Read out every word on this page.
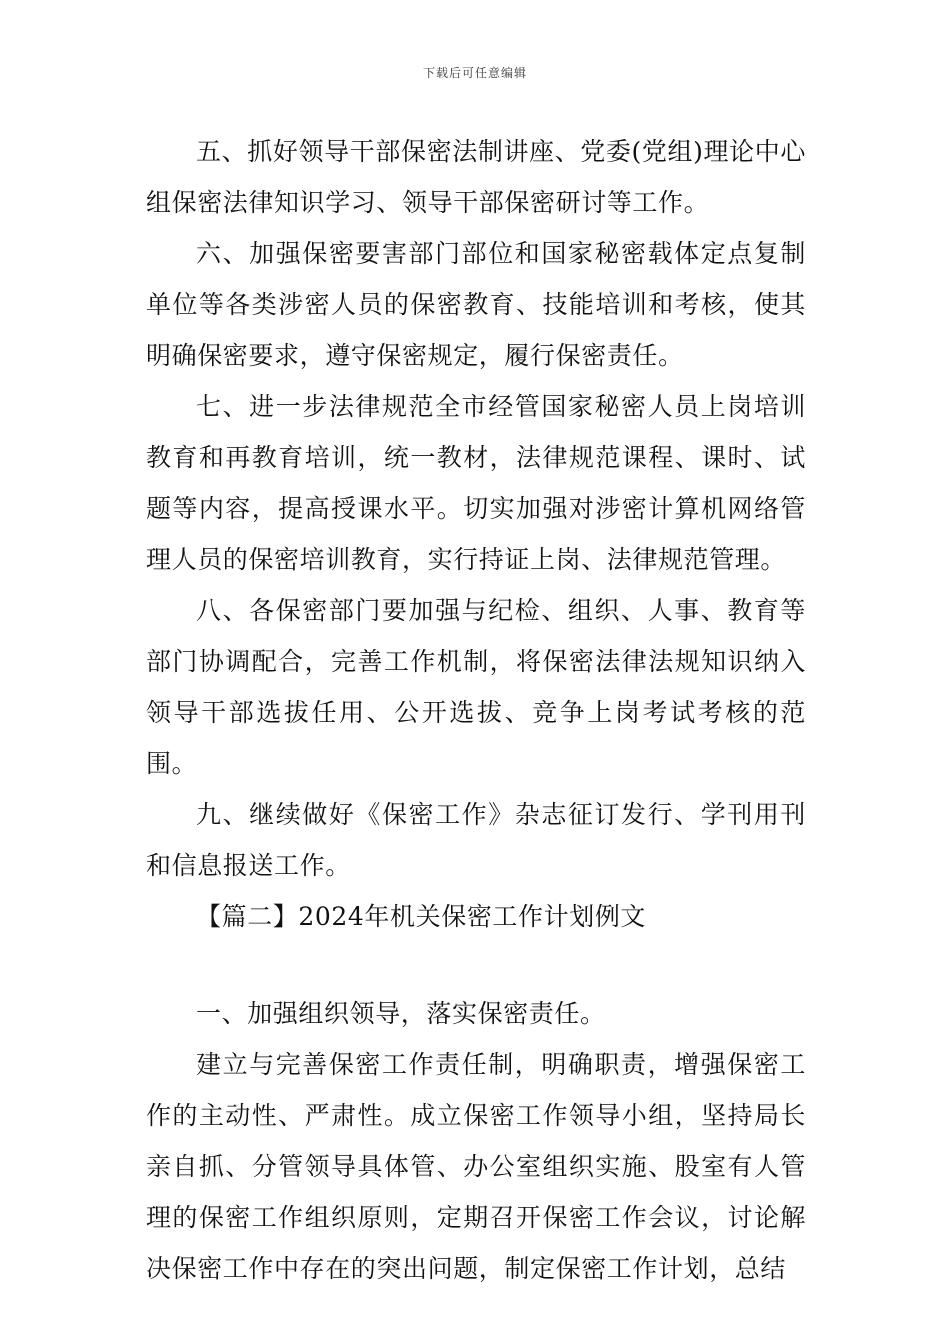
下载后可任意编辑

五、抓好领导干部保密法制讲座、党委(党组)理论中心组保密法律知识学习、领导干部保密研讨等工作。

六、加强保密要害部门部位和国家秘密载体定点复制单位等各类涉密人员的保密教育、技能培训和考核，使其明确保密要求，遵守保密规定，履行保密责任。

七、进一步法律规范全市经管国家秘密人员上岗培训教育和再教育培训，统一教材，法律规范课程、课时、试题等内容，提高授课水平。切实加强对涉密计算机网络管理人员的保密培训教育，实行持证上岗、法律规范管理。

八、各保密部门要加强与纪检、组织、人事、教育等部门协调配合，完善工作机制，将保密法律法规知识纳入领导干部选拔任用、公开选拔、竞争上岗考试考核的范围。

九、继续做好《保密工作》杂志征订发行、学刊用刊和信息报送工作。

【篇二】2024年机关保密工作计划例文

一、加强组织领导，落实保密责任。

建立与完善保密工作责任制，明确职责，增强保密工作的主动性、严肃性。成立保密工作领导小组，坚持局长亲自抓、分管领导具体管、办公室组织实施、股室有人管理的保密工作组织原则，定期召开保密工作会议，讨论解决保密工作中存在的突出问题，制定保密工作计划，总结
